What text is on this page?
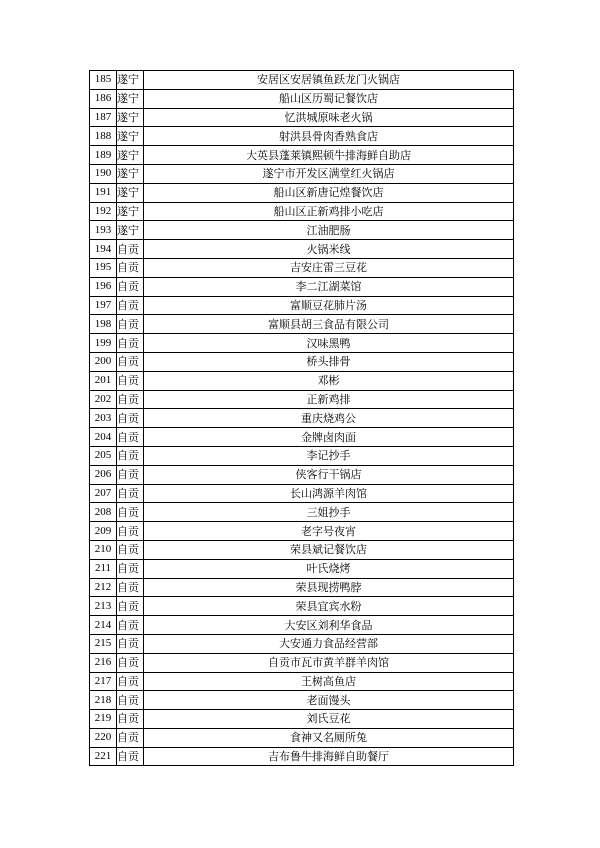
185	遂宁	安居区安居镇鱼跃龙门火锅店
186	遂宁	船山区历蜀记餐饮店
187	遂宁	忆洪城原味老火锅
188	遂宁	射洪县骨肉香熟食店
189	遂宁	大英县蓬莱镇熙顿牛排海鲜自助店
190	遂宁	遂宁市开发区满堂红火锅店
191	遂宁	船山区新唐记煌餐饮店
192	遂宁	船山区正新鸡排小吃店
193	遂宁	江油肥肠
194	自贡	火锅米线
195	自贡	吉安庄雷三豆花
196	自贡	李二江湖菜馆
197	自贡	富顺豆花肺片汤
198	自贡	富顺县胡三食品有限公司
199	自贡	汉味黑鸭
200	自贡	桥头排骨
201	自贡	邓彬
202	自贡	正新鸡排
203	自贡	重庆烧鸡公
204	自贡	金牌卤肉面
205	自贡	李记抄手
206	自贡	侠客行干锅店
207	自贡	长山鸿源羊肉馆
208	自贡	三姐抄手
209	自贡	老字号夜宵
210	自贡	荣县斌记餐饮店
211	自贡	叶氏烧烤
212	自贡	荣县现捞鸭脖
213	自贡	荣县宜宾水粉
214	自贡	大安区刘利华食品
215	自贡	大安通力食品经营部
216	自贡	自贡市瓦市黄羊群羊肉馆
217	自贡	王树高鱼店
218	自贡	老面馒头
219	自贡	刘氏豆花
220	自贡	食神又名厕所兔
221	自贡	吉布鲁牛排海鲜自助餐厅
